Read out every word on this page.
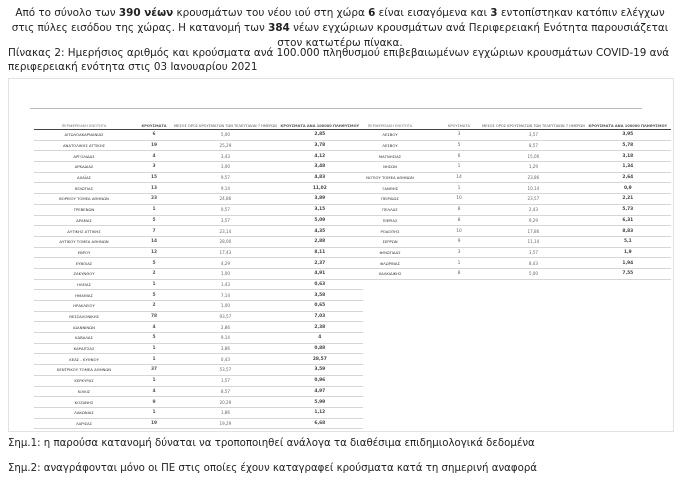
Από το σύνολο των 390 νέων κρουσμάτων του νέου ιού στη χώρα 6 είναι εισαγόμενα και 3 εντοπίστηκαν κατόπιν ελέγχων στις πύλες εισόδου της χώρας. Η κατανομή των 384 νέων εγχώριων κρουσμάτων ανά Περιφερειακή Ενότητα παρουσιάζεται στον κατωτέρω πίνακα.
Πίνακας 2: Ημερήσιος αριθμός και κρούσματα ανά 100.000 πληθυσμού επιβεβαιωμένων εγχώριων κρουσμάτων COVID-19 ανά περιφερειακή ενότητα στις 03 Ιανουαρίου 2021
ΠΕΡΙΦΕΡΕΙΑΚΗ ΕΝΟΤΗΤΑ	ΚΡΟΥΣΜΑΤΑ	ΜΕΣΟΣ ΟΡΟΣ ΚΡΟΥΣΜΑΤΩΝ ΤΩΝ ΤΕΛΕΥΤΑΙΩΝ 7 ΗΜΕΡΩΝ	ΚΡΟΥΣΜΑΤΑ ΑΝΑ 100000 ΠΛΗΘΥΣΜΟΥ
ΑΙΤΩΛΟΑΚΑΡΝΑΝΙΑΣ	6	5,00	2,85
ΑΝΑΤΟΛΙΚΗΣ ΑΤΤΙΚΗΣ	19	25,29	3,78
ΑΡΓΟΛΙΔΑΣ	4	3,43	4,12
ΑΡΚΑΔΙΑΣ	3	3,00	3,48
ΑΧΑΪΑΣ	15	9,57	4,83
ΒΟΙΩΤΙΑΣ	13	9,14	11,02
ΒΟΡΕΙΟΥ ΤΟΜΕΑ ΑΘΗΝΩΝ	23	24,86	3,89
ΓΡΕΒΕΝΩΝ	1	0,57	3,15
ΔΡΑΜΑΣ	5	3,57	5,09
ΔΥΤΙΚΗΣ ΑΤΤΙΚΗΣ	7	23,14	4,35
ΔΥΤΙΚΟΥ ΤΟΜΕΑ ΑΘΗΝΩΝ	14	28,00	2,88
ΕΒΡΟΥ	12	17,43	8,11
ΕΥΒΟΙΑΣ	5	4,29	2,37
ΖΑΚΥΝΘΟΥ	2	1,00	4,91
ΗΛΕΙΑΣ	1	1,43	0,63
ΗΜΑΘΙΑΣ	5	7,14	3,58
ΗΡΑΚΛΕΙΟΥ	2	1,00	0,65
ΘΕΣΣΑΛΟΝΙΚΗΣ	78	93,57	7,03
ΙΩΑΝΝΙΝΩΝ	4	2,86	2,38
ΚΑΒΑΛΑΣ	5	9,14	4
ΚΑΡΔΙΤΣΑΣ	1	3,86	0,88
ΚΕΑΣ - ΚΥΘΝΟΥ	1	0,43	28,57
ΚΕΝΤΡΙΚΟΥ ΤΟΜΕΑ ΑΘΗΝΩΝ	37	53,57	3,59
ΚΕΡΚΥΡΑΣ	1	1,57	0,96
ΚΙΛΚΙΣ	4	8,57	4,97
ΚΟΖΑΝΗΣ	9	20,29	5,99
ΛΑΚΩΝΙΑΣ	1	1,86	1,12
ΛΑΡΙΣΑΣ	19	19,29	6,68
ΠΕΡΙΦΕΡΕΙΑΚΗ ΕΝΟΤΗΤΑ	ΚΡΟΥΣΜΑΤΑ	ΜΕΣΟΣ ΟΡΟΣ ΚΡΟΥΣΜΑΤΩΝ ΤΩΝ ΤΕΛΕΥΤΑΙΩΝ 7 ΗΜΕΡΩΝ	ΚΡΟΥΣΜΑΤΑ ΑΝΑ 100000 ΠΛΗΘΥΣΜΟΥ
ΛΕΣΒΟΥ	3	3,57	3,95
ΛΕΣΒΟΥ	5	8,57	5,78
ΜΑΓΝΗΣΙΑΣ	6	15,00	3,18
ΝΗΣΩΝ	1	1,29	1,34
ΝΟΤΙΟΥ ΤΟΜΕΑ ΑΘΗΝΩΝ	14	23,86	2,64
ΞΑΝΘΗΣ	1	10,14	0,9
ΠΕΙΡΑΙΩΣ	10	23,57	2,21
ΠΕΛΛΑΣ	8	2,43	5,73
ΠΙΕΡΙΑΣ	8	9,29	6,31
ΡΟΔΟΠΗΣ	10	17,86	8,83
ΣΕΡΡΩΝ	9	11,14	5,1
ΦΘΙΩΤΙΔΑΣ	3	3,57	1,9
ΦΛΩΡΙΝΑΣ	1	8,43	1,94
ΧΑΛΚΙΔΙΚΗΣ	8	5,00	7,55
Σημ.1: η παρούσα κατανομή δύναται να τροποποιηθεί ανάλογα τα διαθέσιμα επιδημιολογικά δεδομένα
Σημ.2: αναγράφονται μόνο οι ΠΕ στις οποίες έχουν καταγραφεί κρούσματα κατά τη σημερινή αναφορά
